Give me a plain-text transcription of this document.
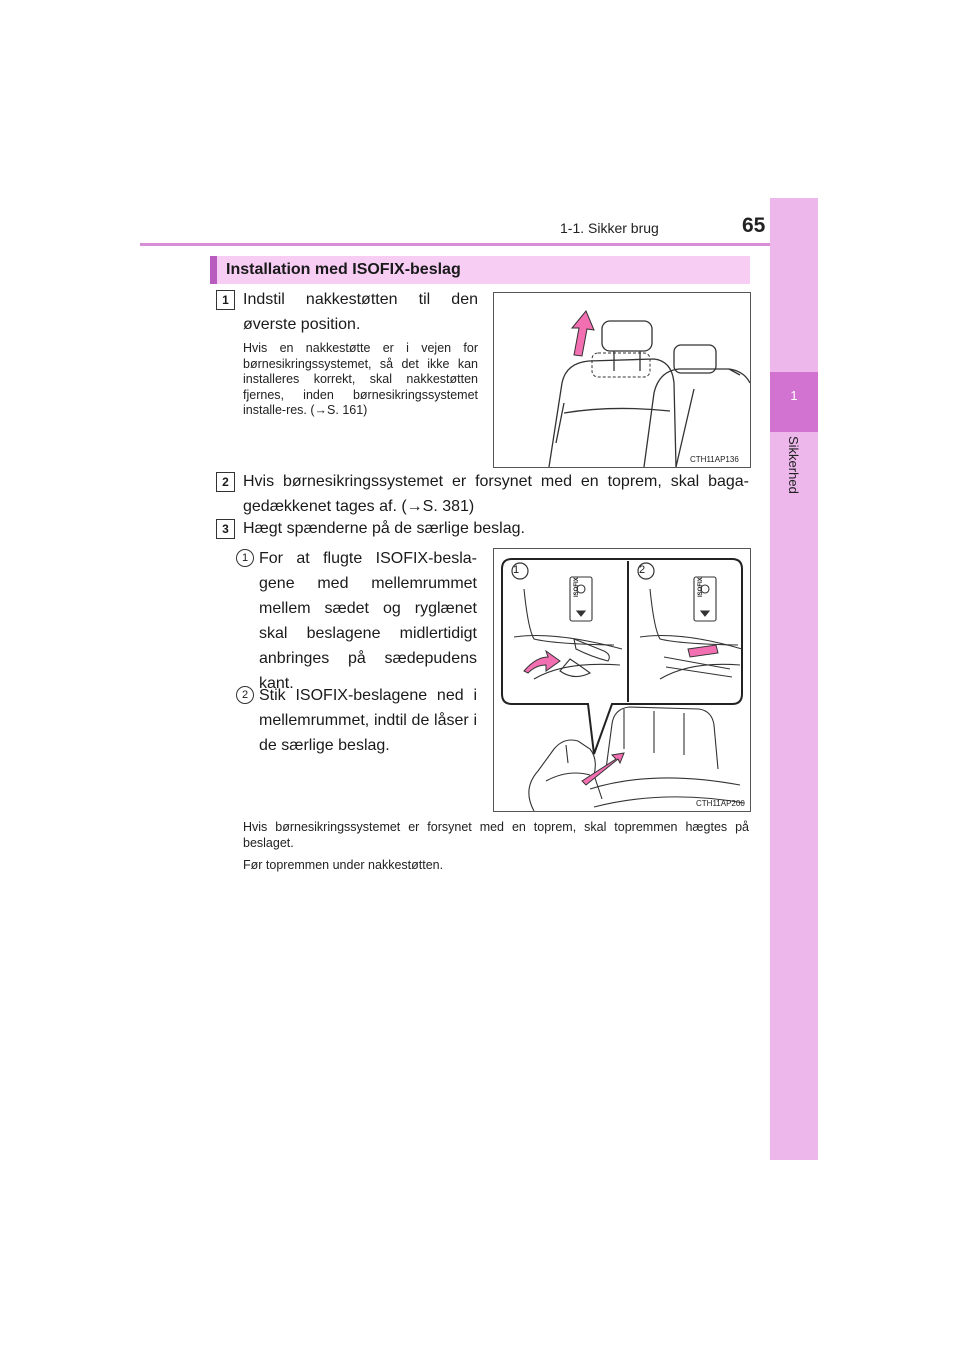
1-1. Sikker brug	65
1
Sikkerhed
Installation med ISOFIX-beslag
1 Indstil nakkestøtten til den øverste position.
Hvis en nakkestøtte er i vejen for børnesikringssystemet, så det ikke kan installeres korrekt, skal nakkestøtten fjernes, inden børnesikringssystemet installe-res. (→S. 161)
CTH11AP136
2 Hvis børnesikringssystemet er forsynet med en toprem, skal baga-gedækkenet tages af. (→S. 381)
3 Hægt spænderne på de særlige beslag.
1 For at flugte ISOFIX-besla-gene med mellemrummet mellem sædet og ryglænet skal beslagene midlertidigt anbringes på sædepudens kant.
2 Stik ISOFIX-beslagene ned i mellemrummet, indtil de låser i de særlige beslag.
1	2
ISOFIX	ISOFIX
CTH11AP200
Hvis børnesikringssystemet er forsynet med en toprem, skal topremmen hægtes på beslaget.
Før topremmen under nakkestøtten.
